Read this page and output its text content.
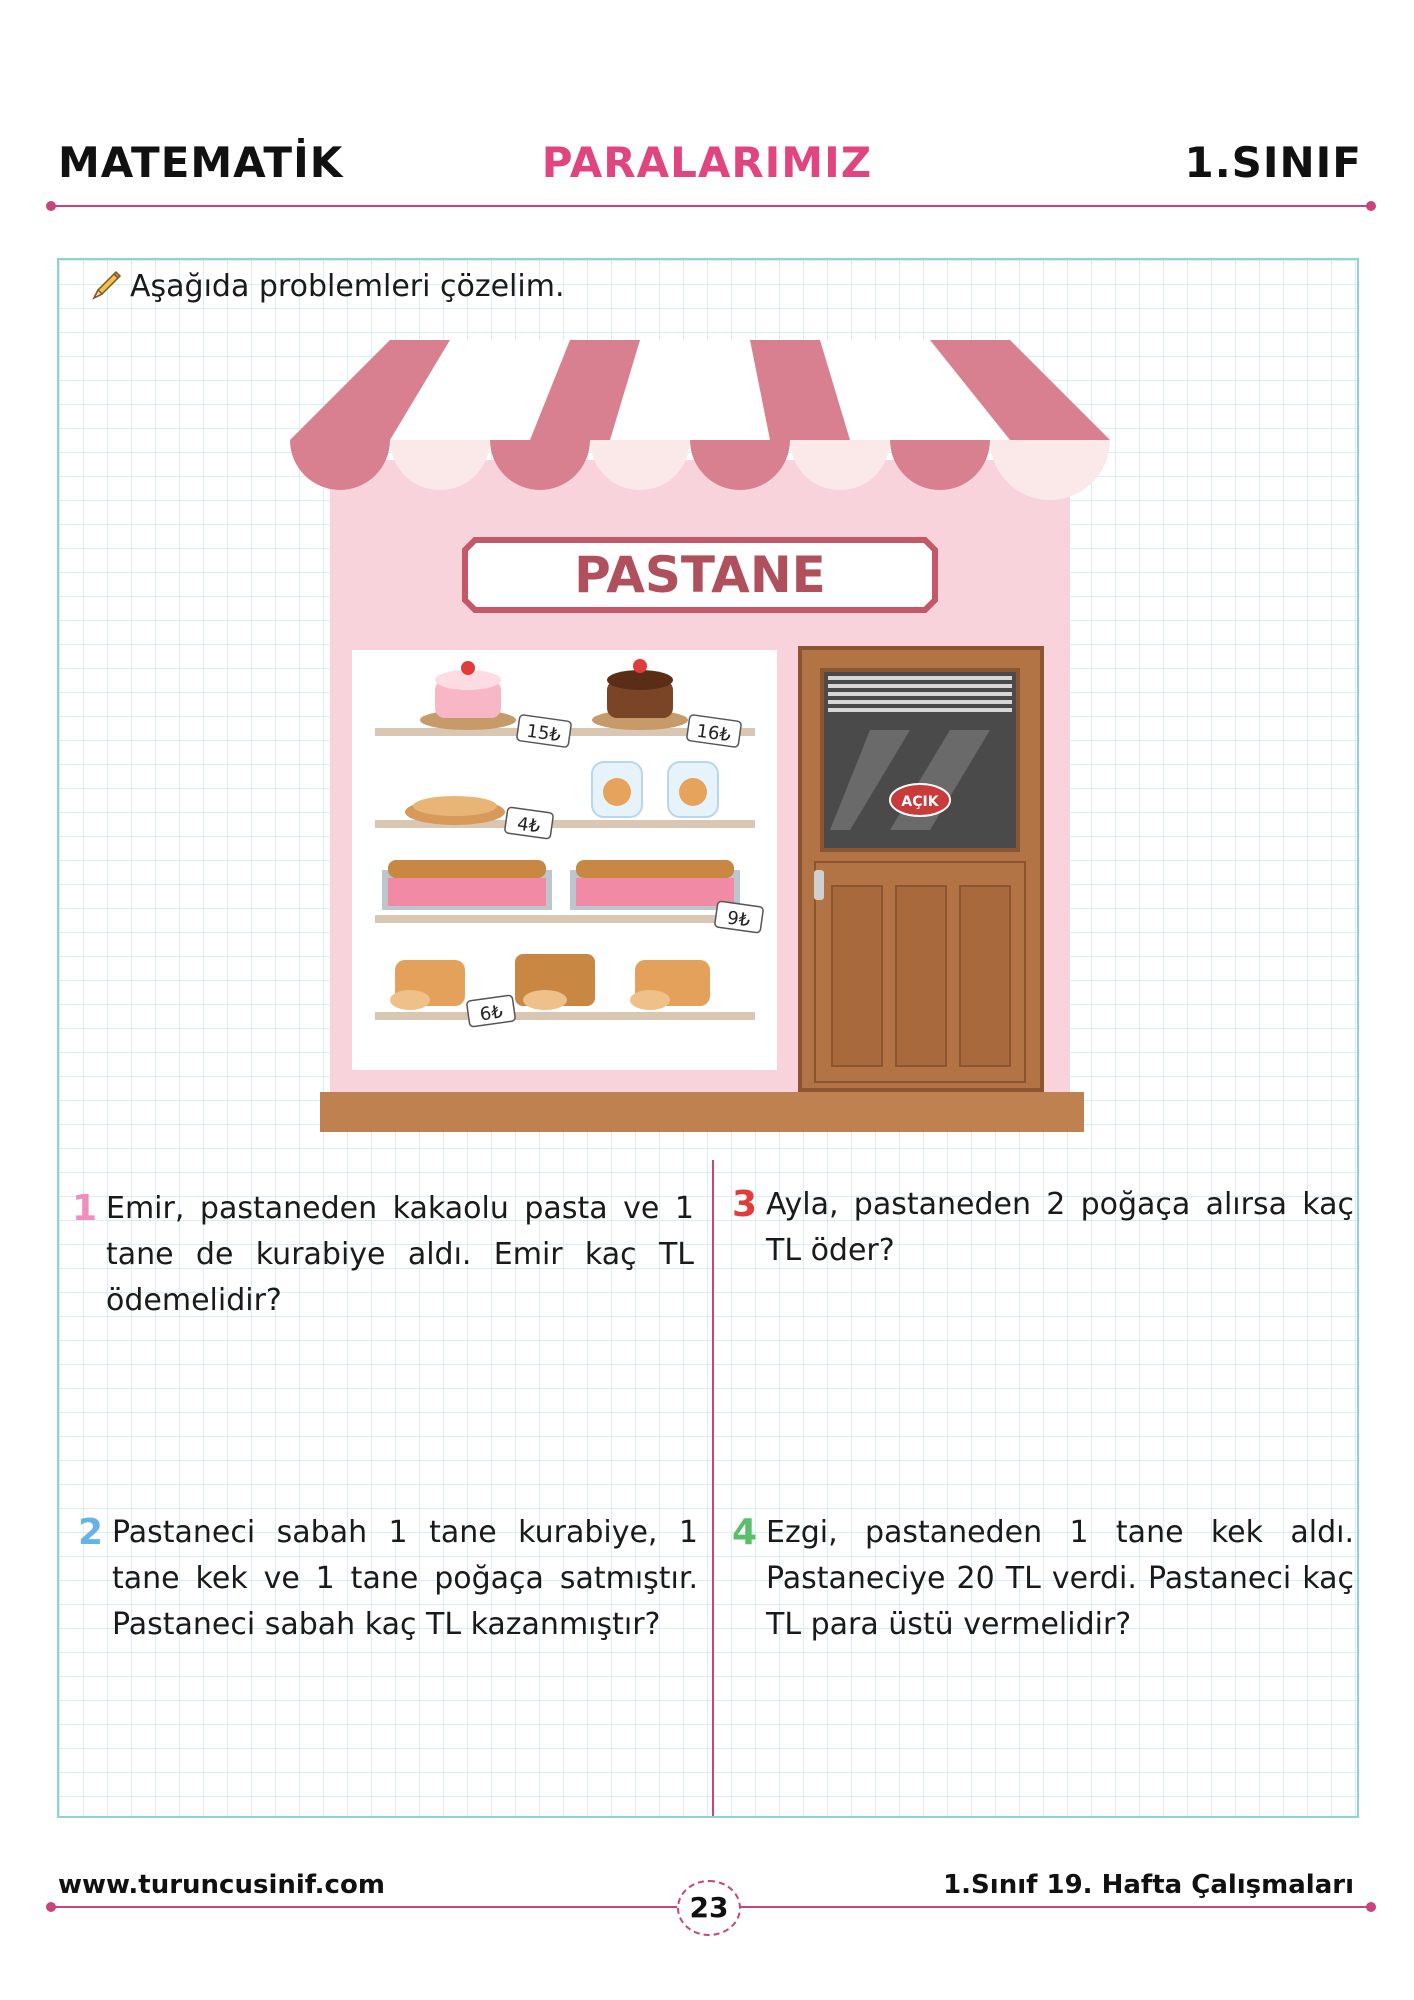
MATEMATİK	PARALARIMIZ	1.SINIF
Aşağıda problemleri çözelim.
PASTANE
15₺	16₺
4₺
9₺
6₺
AÇIK
1 Emir, pastaneden kakaolu pasta ve 1 tane de kurabiye aldı. Emir kaç TL ödemelidir?
2 Pastaneci sabah 1 tane kurabiye, 1 tane kek ve 1 tane poğaça satmıştır. Pastaneci sabah kaç TL kazanmıştır?
3 Ayla, pastaneden 2 poğaça alırsa kaç TL öder?
4 Ezgi, pastaneden 1 tane kek aldı. Pastaneciye 20 TL verdi. Pastaneci kaç TL para üstü vermelidir?
www.turuncusinif.com
23
1.Sınıf 19. Hafta Çalışmaları
